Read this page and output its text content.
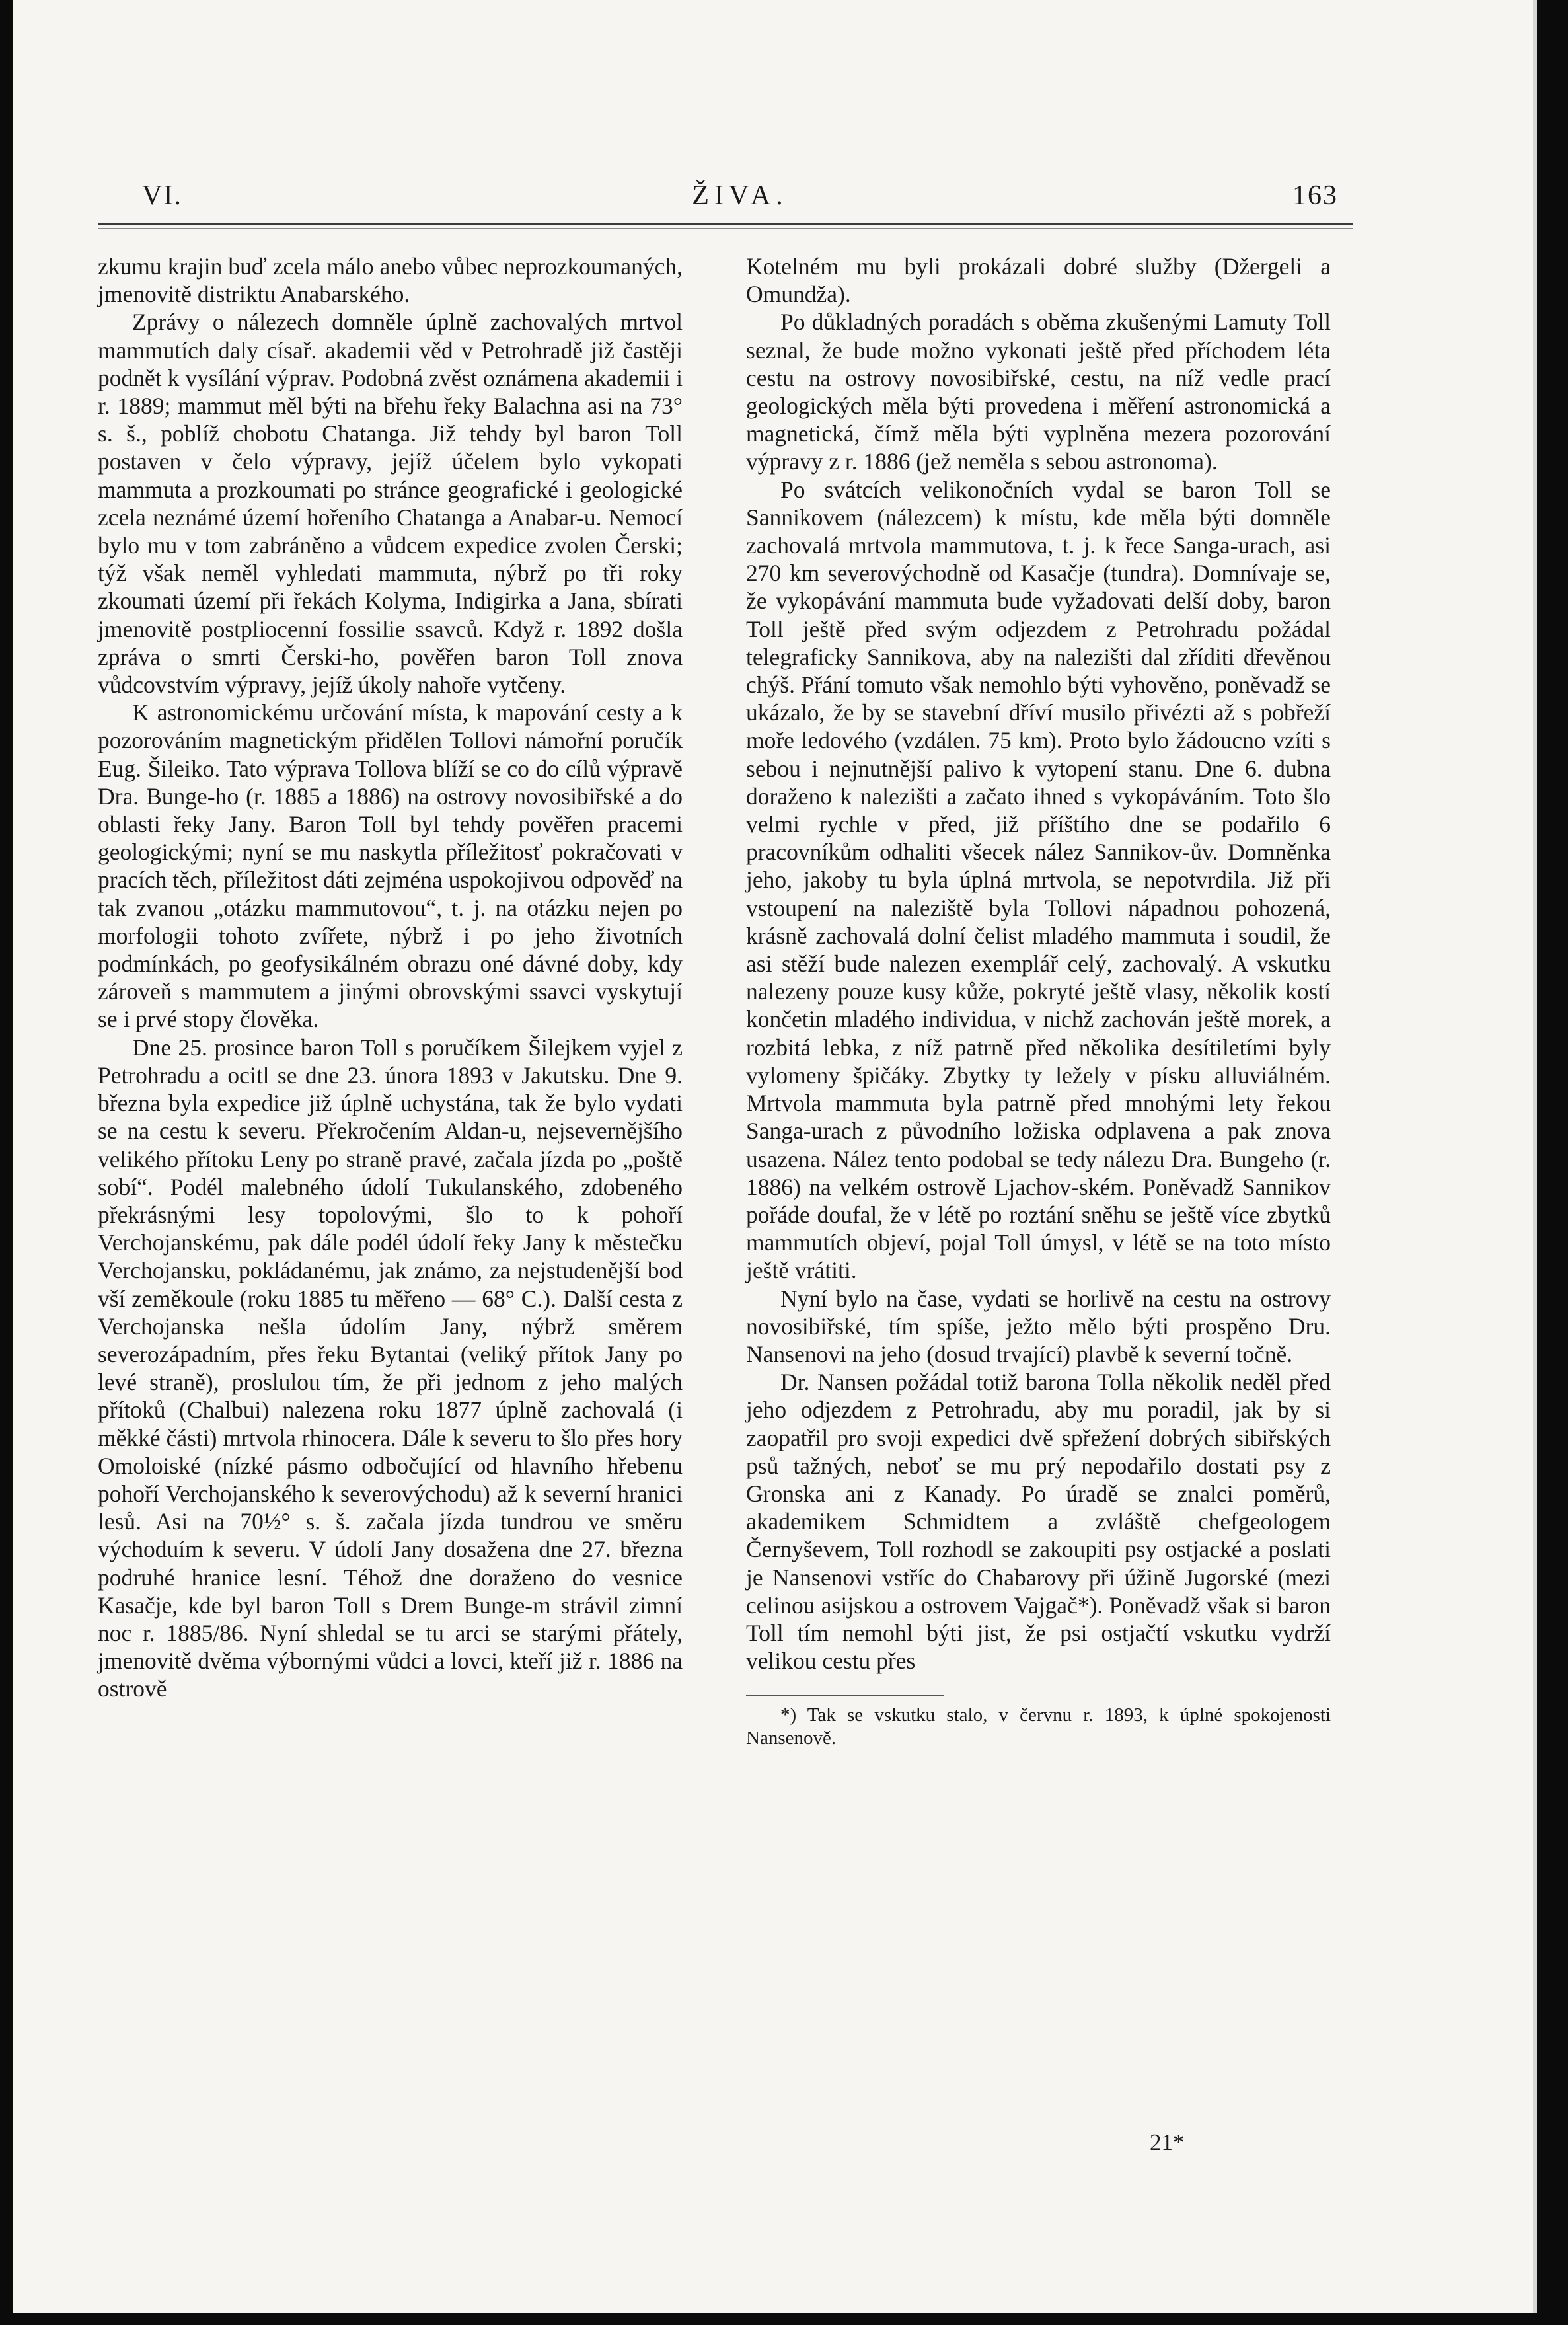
VI.	ŽIVA.	163

zkumu krajin buď zcela málo anebo vůbec neprozkoumaných, jmenovitě distriktu Anabarského.

Zprávy o nálezech domněle úplně zachovalých mrtvol mammutích daly císař. akademii věd v Petrohradě již častěji podnět k vysílání výprav. Podobná zvěst oznámena akademii i r. 1889; mammut měl býti na břehu řeky Balachna asi na 73° s. š., poblíž chobotu Chatanga. Již tehdy byl baron Toll postaven v čelo výpravy, jejíž účelem bylo vykopati mammuta a prozkoumati po stránce geografické i geologické zcela neznámé území hořeního Chatanga a Anabar-u. Nemocí bylo mu v tom zabráněno a vůdcem expedice zvolen Čerski; týž však neměl vyhledati mammuta, nýbrž po tři roky zkoumati území při řekách Kolyma, Indigirka a Jana, sbírati jmenovitě postpliocenní fossilie ssavců. Když r. 1892 došla zpráva o smrti Čerski-ho, pověřen baron Toll znova vůdcovstvím výpravy, jejíž úkoly nahoře vytčeny.

K astronomickému určování místa, k mapování cesty a k pozorováním magnetickým přidělen Tollovi námořní poručík Eug. Šileiko. Tato výprava Tollova blíží se co do cílů výpravě Dra. Bunge-ho (r. 1885 a 1886) na ostrovy novosibiřské a do oblasti řeky Jany. Baron Toll byl tehdy pověřen pracemi geologickými; nyní se mu naskytla příležitosť pokračovati v pracích těch, příležitost dáti zejména uspokojivou odpověď na tak zvanou „otázku mammutovou“, t. j. na otázku nejen po morfologii tohoto zvířete, nýbrž i po jeho životních podmínkách, po geofysikálném obrazu oné dávné doby, kdy zároveň s mammutem a jinými obrovskými ssavci vyskytují se i prvé stopy člověka.

Dne 25. prosince baron Toll s poručíkem Šilejkem vyjel z Petrohradu a ocitl se dne 23. února 1893 v Jakutsku. Dne 9. března byla expedice již úplně uchystána, tak že bylo vydati se na cestu k severu. Překročením Aldan-u, nejsevernějšího velikého přítoku Leny po straně pravé, začala jízda po „poště sobí“. Podél malebného údolí Tukulanského, zdobeného překrásnými lesy topolovými, šlo to k pohoří Verchojanskému, pak dále podél údolí řeky Jany k městečku Verchojansku, pokládanému, jak známo, za nejstudenější bod vší zeměkoule (roku 1885 tu měřeno — 68° C.). Další cesta z Verchojanska nešla údolím Jany, nýbrž směrem severozápadním, přes řeku Bytantai (veliký přítok Jany po levé straně), proslulou tím, že při jednom z jeho malých přítoků (Chalbui) nalezena roku 1877 úplně zachovalá (i měkké části) mrtvola rhinocera. Dále k severu to šlo přes hory Omoloiské (nízké pásmo odbočující od hlavního hřebenu pohoří Verchojanského k severovýchodu) až k severní hranici lesů. Asi na 70½° s. š. začala jízda tundrou ve směru východuím k severu. V údolí Jany dosažena dne 27. března podruhé hranice lesní. Téhož dne doraženo do vesnice Kasačje, kde byl baron Toll s Drem Bunge-m strávil zimní noc r. 1885/86. Nyní shledal se tu arci se starými přátely, jmenovitě dvěma výbornými vůdci a lovci, kteří již r. 1886 na ostrově

Kotelném mu byli prokázali dobré služby (Džergeli a Omundža).

Po důkladných poradách s oběma zkušenými Lamuty Toll seznal, že bude možno vykonati ještě před příchodem léta cestu na ostrovy novosibiřské, cestu, na níž vedle prací geologických měla býti provedena i měření astronomická a magnetická, čímž měla býti vyplněna mezera pozorování výpravy z r. 1886 (jež neměla s sebou astronoma).

Po svátcích velikonočních vydal se baron Toll se Sannikovem (nálezcem) k místu, kde měla býti domněle zachovalá mrtvola mammutova, t. j. k řece Sanga-urach, asi 270 km severovýchodně od Kasačje (tundra). Domnívaje se, že vykopávání mammuta bude vyžadovati delší doby, baron Toll ještě před svým odjezdem z Petrohradu požádal telegraficky Sannikova, aby na nalezišti dal zříditi dřevěnou chýš. Přání tomuto však nemohlo býti vyhověno, poněvadž se ukázalo, že by se stavební dříví musilo přivézti až s pobřeží moře ledového (vzdálen. 75 km). Proto bylo žádoucno vzíti s sebou i nejnutnější palivo k vytopení stanu. Dne 6. dubna doraženo k nalezišti a začato ihned s vykopáváním. Toto šlo velmi rychle v před, již příštího dne se podařilo 6 pracovníkům odhaliti všecek nález Sannikov-ův. Domněnka jeho, jakoby tu byla úplná mrtvola, se nepotvrdila. Již při vstoupení na naleziště byla Tollovi nápadnou pohozená, krásně zachovalá dolní čelist mladého mammuta i soudil, že asi stěží bude nalezen exemplář celý, zachovalý. A vskutku nalezeny pouze kusy kůže, pokryté ještě vlasy, několik kostí končetin mladého individua, v nichž zachován ještě morek, a rozbitá lebka, z níž patrně před několika desítiletími byly vylomeny špičáky. Zbytky ty ležely v písku alluviálném. Mrtvola mammuta byla patrně před mnohými lety řekou Sanga-urach z původního ložiska odplavena a pak znova usazena. Nález tento podobal se tedy nálezu Dra. Bungeho (r. 1886) na velkém ostrově Ljachov-ském. Poněvadž Sannikov pořáde doufal, že v létě po roztání sněhu se ještě více zbytků mammutích objeví, pojal Toll úmysl, v létě se na toto místo ještě vrátiti.

Nyní bylo na čase, vydati se horlivě na cestu na ostrovy novosibiřské, tím spíše, ježto mělo býti prospěno Dru. Nansenovi na jeho (dosud trvající) plavbě k severní točně.

Dr. Nansen požádal totiž barona Tolla několik neděl před jeho odjezdem z Petrohradu, aby mu poradil, jak by si zaopatřil pro svoji expedici dvě spřežení dobrých sibiřských psů tažných, neboť se mu prý nepodařilo dostati psy z Gronska ani z Kanady. Po úradě se znalci poměrů, akademikem Schmidtem a zvláště chefgeologem Černyševem, Toll rozhodl se zakoupiti psy ostjacké a poslati je Nansenovi vstříc do Chabarovy při úžině Jugorské (mezi celinou asijskou a ostrovem Vajgač*). Poněvadž však si baron Toll tím nemohl býti jist, že psi ostjačtí vskutku vydrží velikou cestu přes

*) Tak se vskutku stalo, v červnu r. 1893, k úplné spokojenosti Nansenově.

21*
